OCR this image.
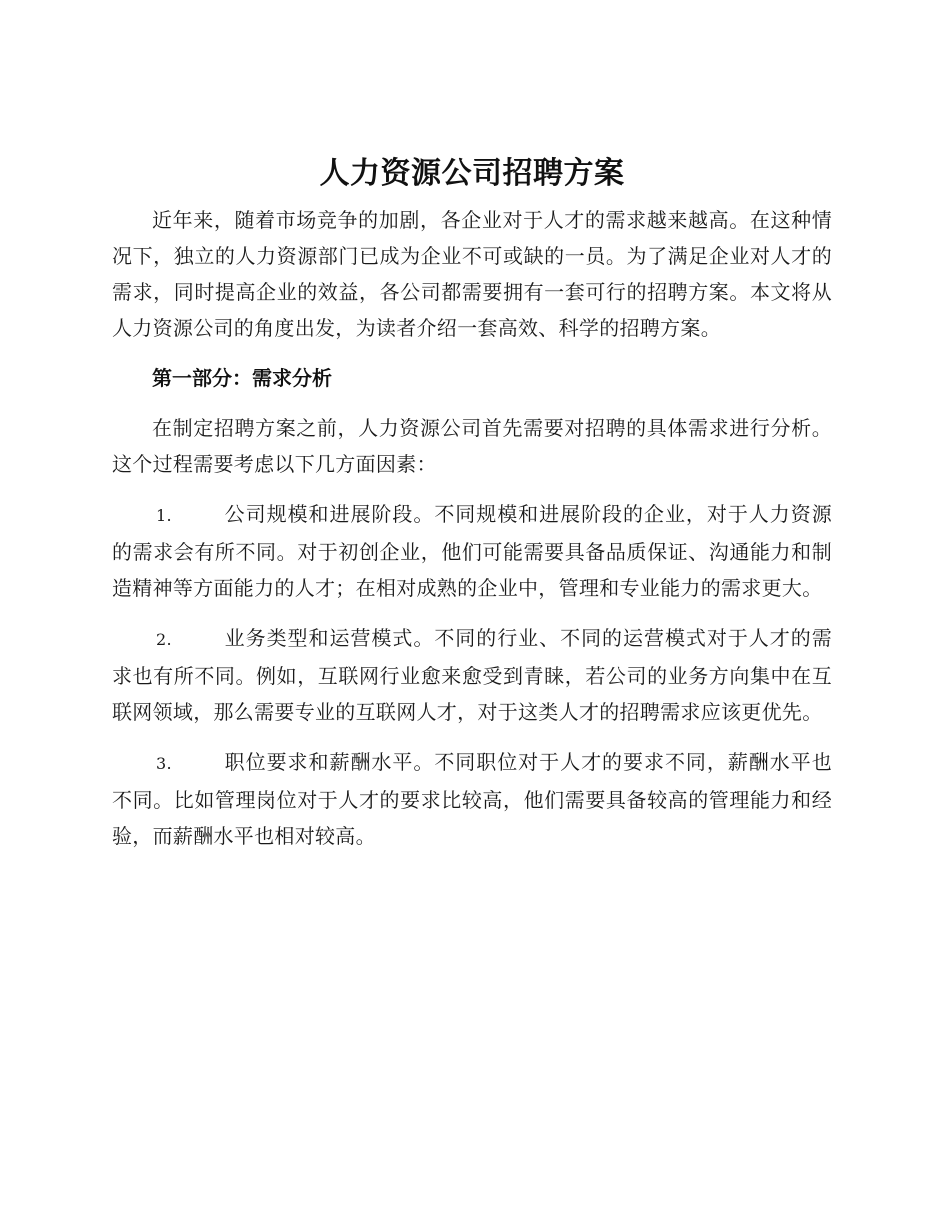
人力资源公司招聘方案

近年来，随着市场竞争的加剧，各企业对于人才的需求越来越高。在这种情况下，独立的人力资源部门已成为企业不可或缺的一员。为了满足企业对人才的需求，同时提高企业的效益，各公司都需要拥有一套可行的招聘方案。本文将从人力资源公司的角度出发，为读者介绍一套高效、科学的招聘方案。

第一部分：需求分析

在制定招聘方案之前，人力资源公司首先需要对招聘的具体需求进行分析。这个过程需要考虑以下几方面因素：

1.	公司规模和进展阶段。不同规模和进展阶段的企业，对于人力资源的需求会有所不同。对于初创企业，他们可能需要具备品质保证、沟通能力和制造精神等方面能力的人才；在相对成熟的企业中，管理和专业能力的需求更大。

2.	业务类型和运营模式。不同的行业、不同的运营模式对于人才的需求也有所不同。例如，互联网行业愈来愈受到青睐，若公司的业务方向集中在互联网领域，那么需要专业的互联网人才，对于这类人才的招聘需求应该更优先。

3.	职位要求和薪酬水平。不同职位对于人才的要求不同，薪酬水平也不同。比如管理岗位对于人才的要求比较高，他们需要具备较高的管理能力和经验，而薪酬水平也相对较高。
